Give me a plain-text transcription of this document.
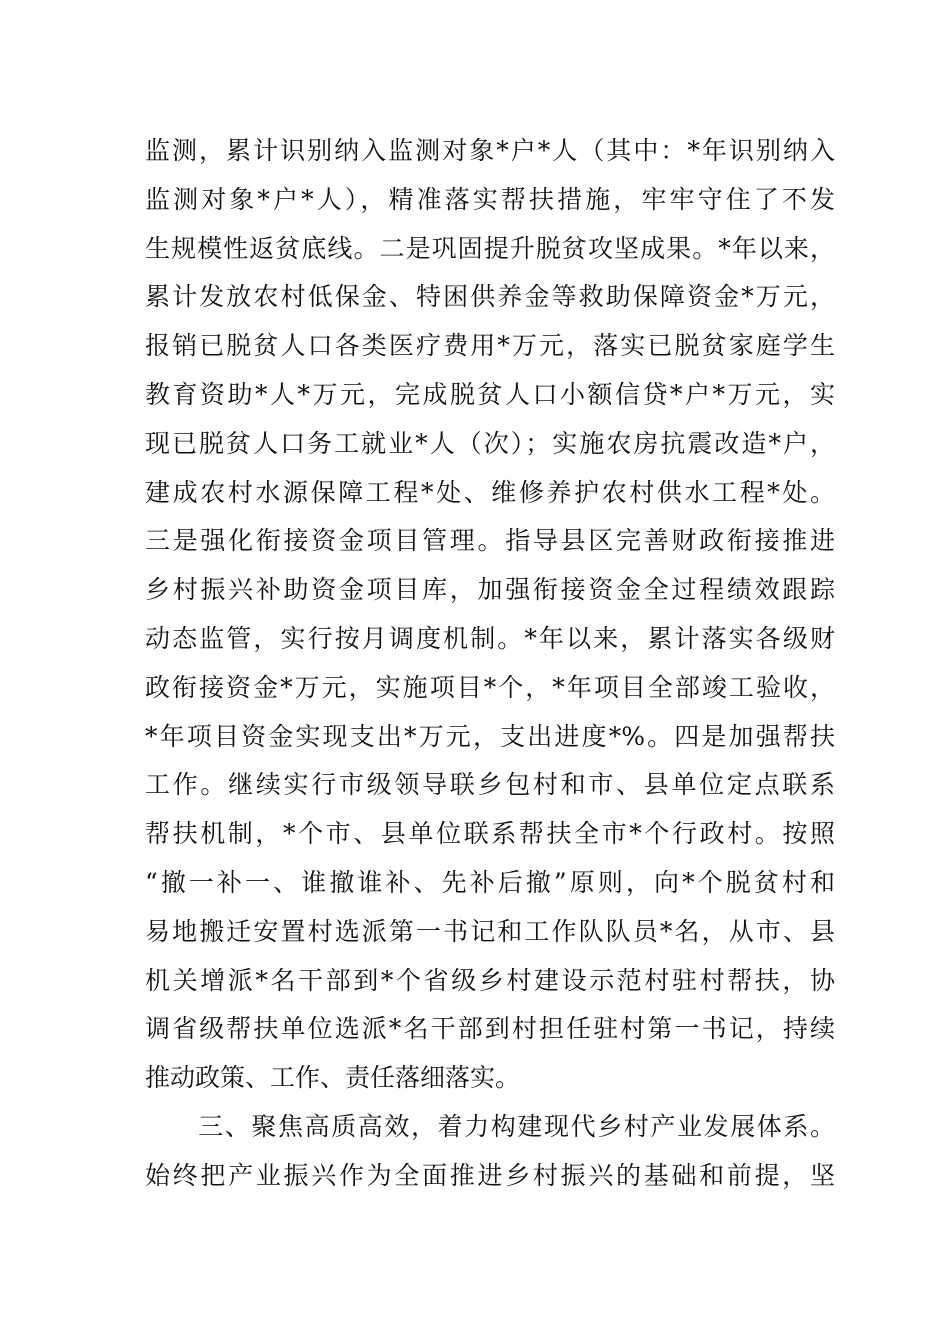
监测，累计识别纳入监测对象*户*人（其中：*年识别纳入
监测对象*户*人），精准落实帮扶措施，牢牢守住了不发
生规模性返贫底线。二是巩固提升脱贫攻坚成果。*年以来，
累计发放农村低保金、特困供养金等救助保障资金*万元，
报销已脱贫人口各类医疗费用*万元，落实已脱贫家庭学生
教育资助*人*万元，完成脱贫人口小额信贷*户*万元，实
现已脱贫人口务工就业*人（次）；实施农房抗震改造*户，
建成农村水源保障工程*处、维修养护农村供水工程*处。
三是强化衔接资金项目管理。指导县区完善财政衔接推进
乡村振兴补助资金项目库，加强衔接资金全过程绩效跟踪
动态监管，实行按月调度机制。*年以来，累计落实各级财
政衔接资金*万元，实施项目*个，*年项目全部竣工验收，
*年项目资金实现支出*万元，支出进度*%。四是加强帮扶
工作。继续实行市级领导联乡包村和市、县单位定点联系
帮扶机制，*个市、县单位联系帮扶全市*个行政村。按照
“撤一补一、谁撤谁补、先补后撤”原则，向*个脱贫村和
易地搬迁安置村选派第一书记和工作队队员*名，从市、县
机关增派*名干部到*个省级乡村建设示范村驻村帮扶，协
调省级帮扶单位选派*名干部到村担任驻村第一书记，持续
推动政策、工作、责任落细落实。
　　三、聚焦高质高效，着力构建现代乡村产业发展体系。
始终把产业振兴作为全面推进乡村振兴的基础和前提，坚
